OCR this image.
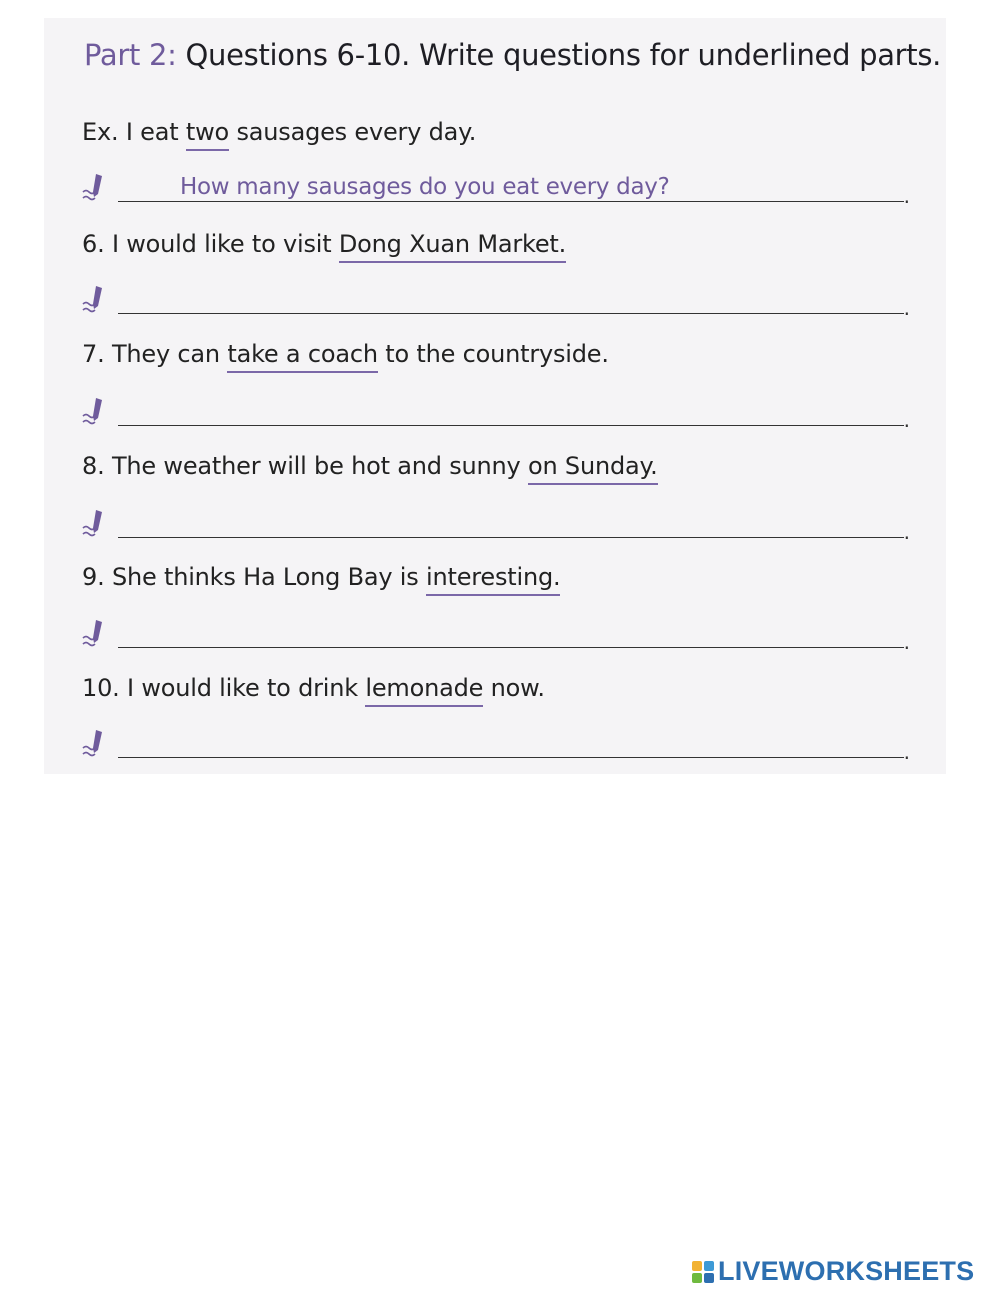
Part 2: Questions 6-10. Write questions for underlined parts.
Ex. I eat two sausages every day.
How many sausages do you eat every day?	.
6. I would like to visit Dong Xuan Market.
.
7. They can take a coach to the countryside.
.
8. The weather will be hot and sunny on Sunday.
.
9. She thinks Ha Long Bay is interesting.
.
10. I would like to drink lemonade now.
.
LIVEWORKSHEETS
